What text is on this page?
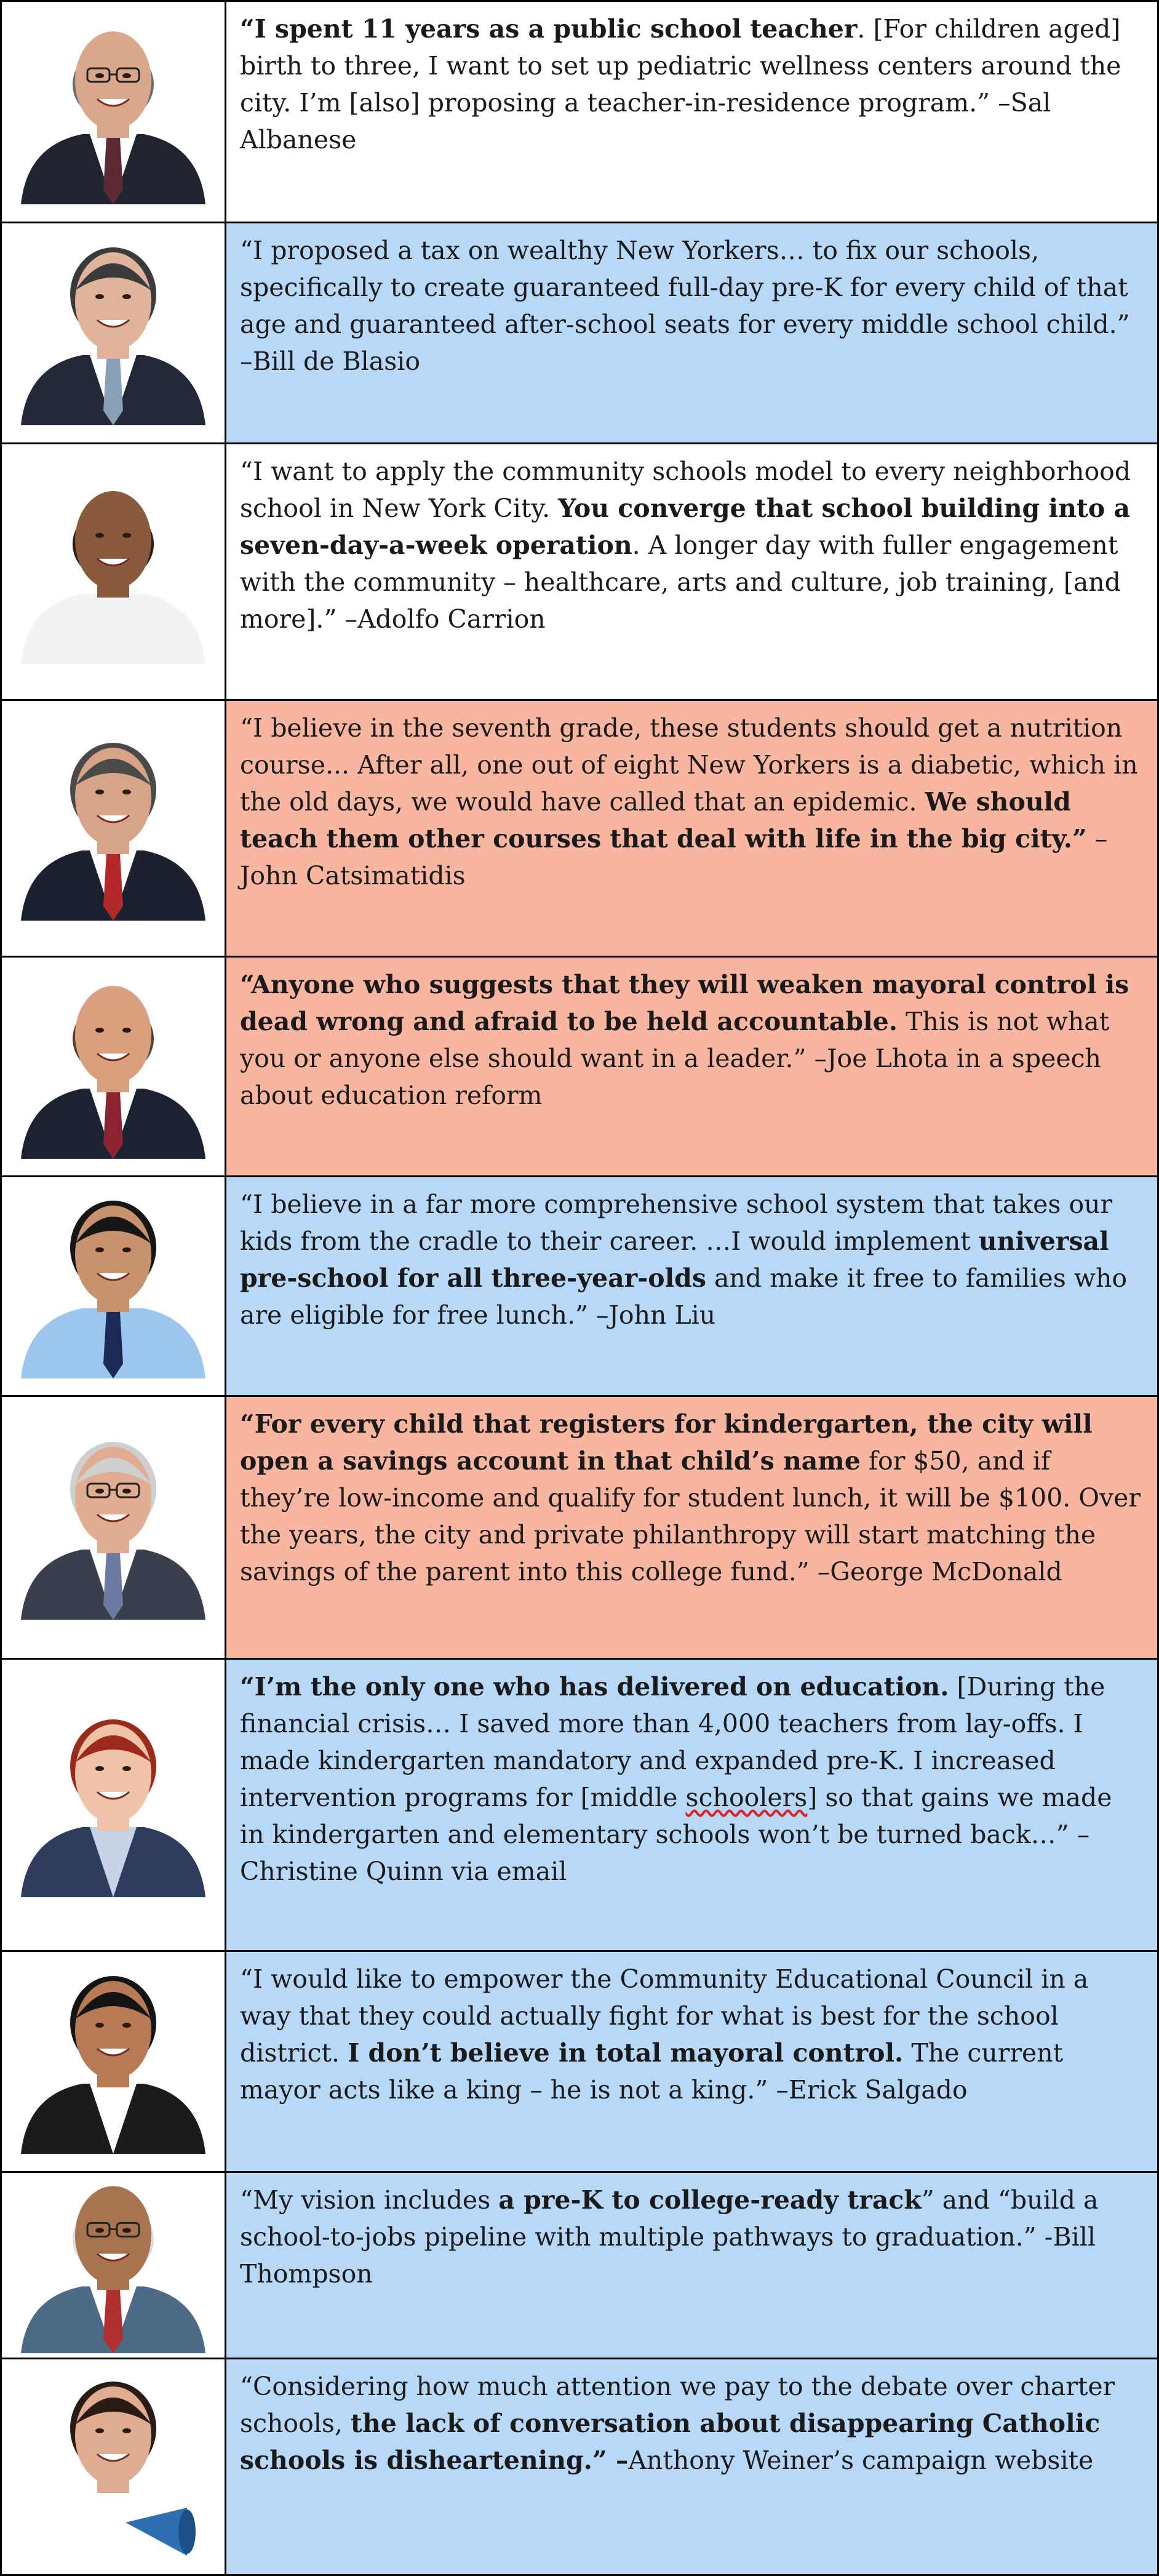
“I spent 11 years as a public school teacher. [For children aged] birth to three, I want to set up pediatric wellness centers around the city. I’m [also] proposing a teacher-in-residence program.” –Sal Albanese

“I proposed a tax on wealthy New Yorkers… to fix our schools, specifically to create guaranteed full-day pre-K for every child of that age and guaranteed after-school seats for every middle school child.” –Bill de Blasio

“I want to apply the community schools model to every neighborhood school in New York City. You converge that school building into a seven-day-a-week operation. A longer day with fuller engagement with the community – healthcare, arts and culture, job training, [and more].” –Adolfo Carrion

“I believe in the seventh grade, these students should get a nutrition course... After all, one out of eight New Yorkers is a diabetic, which in the old days, we would have called that an epidemic. We should teach them other courses that deal with life in the big city.” –John Catsimatidis

“Anyone who suggests that they will weaken mayoral control is dead wrong and afraid to be held accountable. This is not what you or anyone else should want in a leader.” –Joe Lhota in a speech about education reform

“I believe in a far more comprehensive school system that takes our kids from the cradle to their career. …I would implement universal pre-school for all three-year-olds and make it free to families who are eligible for free lunch.” –John Liu

“For every child that registers for kindergarten, the city will open a savings account in that child’s name for $50, and if they’re low-income and qualify for student lunch, it will be $100. Over the years, the city and private philanthropy will start matching the savings of the parent into this college fund.” –George McDonald

“I’m the only one who has delivered on education. [During the financial crisis… I saved more than 4,000 teachers from lay-offs. I made kindergarten mandatory and expanded pre-K. I increased intervention programs for [middle schoolers] so that gains we made in kindergarten and elementary schools won’t be turned back…” –Christine Quinn via email

“I would like to empower the Community Educational Council in a way that they could actually fight for what is best for the school district. I don’t believe in total mayoral control. The current mayor acts like a king – he is not a king.” –Erick Salgado

“My vision includes a pre-K to college-ready track” and “build a school-to-jobs pipeline with multiple pathways to graduation.” -Bill Thompson

“Considering how much attention we pay to the debate over charter schools, the lack of conversation about disappearing Catholic schools is disheartening.” –Anthony Weiner’s campaign website
